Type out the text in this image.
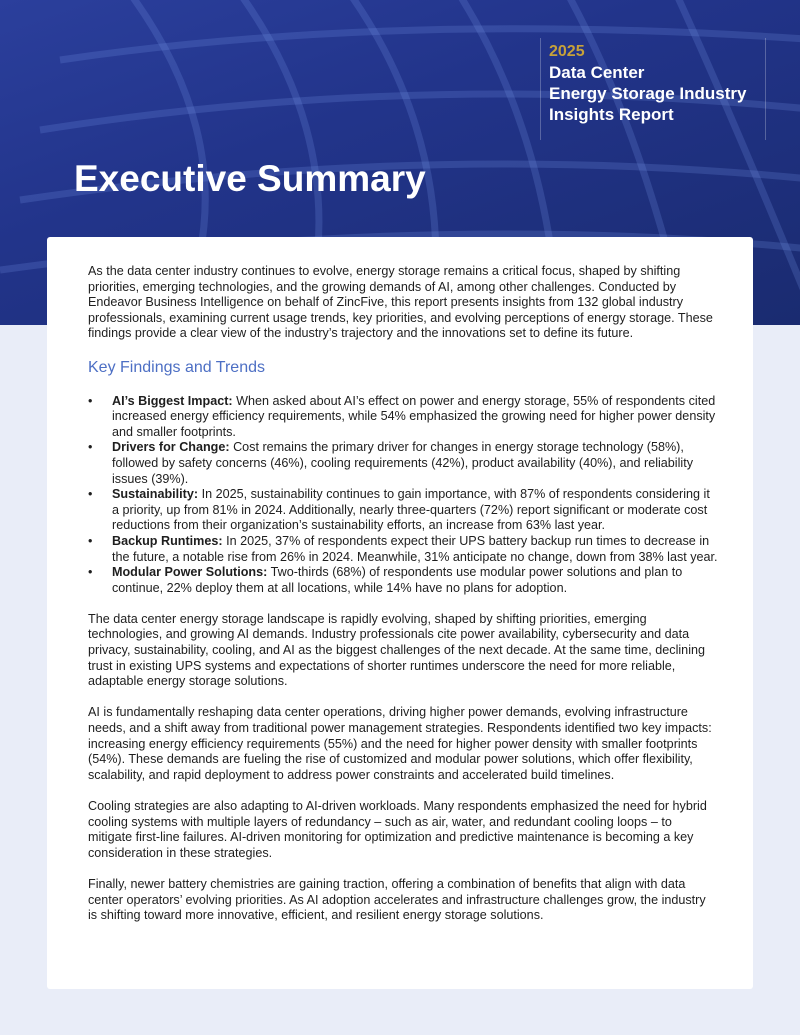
2025
Data Center
Energy Storage Industry
Insights Report
Executive Summary

As the data center industry continues to evolve, energy storage remains a critical focus, shaped by shifting priorities, emerging technologies, and the growing demands of AI, among other challenges. Conducted by Endeavor Business Intelligence on behalf of ZincFive, this report presents insights from 132 global industry professionals, examining current usage trends, key priorities, and evolving perceptions of energy storage. These findings provide a clear view of the industry’s trajectory and the innovations set to define its future.

Key Findings and Trends
• AI’s Biggest Impact: When asked about AI’s effect on power and energy storage, 55% of respondents cited increased energy efficiency requirements, while 54% emphasized the growing need for higher power density and smaller footprints.
• Drivers for Change: Cost remains the primary driver for changes in energy storage technology (58%), followed by safety concerns (46%), cooling requirements (42%), product availability (40%), and reliability issues (39%).
• Sustainability: In 2025, sustainability continues to gain importance, with 87% of respondents considering it a priority, up from 81% in 2024. Additionally, nearly three-quarters (72%) report significant or moderate cost reductions from their organization’s sustainability efforts, an increase from 63% last year.
• Backup Runtimes: In 2025, 37% of respondents expect their UPS battery backup run times to decrease in the future, a notable rise from 26% in 2024. Meanwhile, 31% anticipate no change, down from 38% last year.
• Modular Power Solutions: Two-thirds (68%) of respondents use modular power solutions and plan to continue, 22% deploy them at all locations, while 14% have no plans for adoption.

The data center energy storage landscape is rapidly evolving, shaped by shifting priorities, emerging technologies, and growing AI demands. Industry professionals cite power availability, cybersecurity and data privacy, sustainability, cooling, and AI as the biggest challenges of the next decade. At the same time, declining trust in existing UPS systems and expectations of shorter runtimes underscore the need for more reliable, adaptable energy storage solutions.

AI is fundamentally reshaping data center operations, driving higher power demands, evolving infrastructure needs, and a shift away from traditional power management strategies. Respondents identified two key impacts: increasing energy efficiency requirements (55%) and the need for higher power density with smaller footprints (54%). These demands are fueling the rise of customized and modular power solutions, which offer flexibility, scalability, and rapid deployment to address power constraints and accelerated build timelines.

Cooling strategies are also adapting to AI-driven workloads. Many respondents emphasized the need for hybrid cooling systems with multiple layers of redundancy – such as air, water, and redundant cooling loops – to mitigate first-line failures. AI-driven monitoring for optimization and predictive maintenance is becoming a key consideration in these strategies.

Finally, newer battery chemistries are gaining traction, offering a combination of benefits that align with data center operators’ evolving priorities. As AI adoption accelerates and infrastructure challenges grow, the industry is shifting toward more innovative, efficient, and resilient energy storage solutions.
